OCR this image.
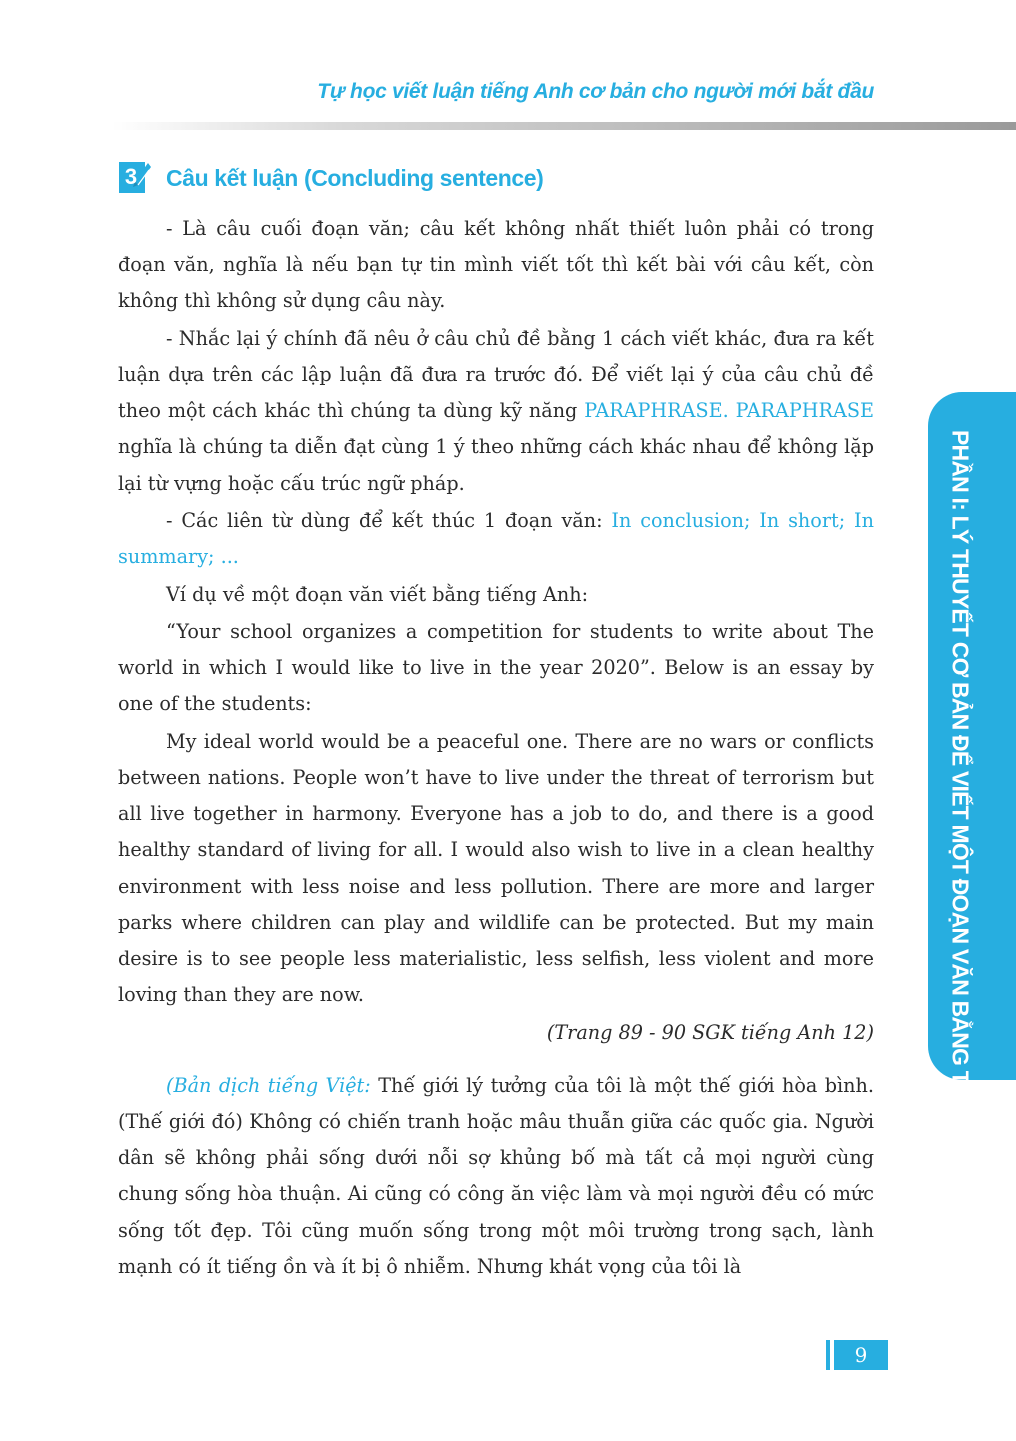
Tự học viết luận tiếng Anh cơ bản cho người mới bắt đầu
3 Câu kết luận (Concluding sentence)

- Là câu cuối đoạn văn; câu kết không nhất thiết luôn phải có trong đoạn văn, nghĩa là nếu bạn tự tin mình viết tốt thì kết bài với câu kết, còn không thì không sử dụng câu này.

- Nhắc lại ý chính đã nêu ở câu chủ đề bằng 1 cách viết khác, đưa ra kết luận dựa trên các lập luận đã đưa ra trước đó. Để viết lại ý của câu chủ đề theo một cách khác thì chúng ta dùng kỹ năng PARAPHRASE. PARAPHRASE nghĩa là chúng ta diễn đạt cùng 1 ý theo những cách khác nhau để không lặp lại từ vựng hoặc cấu trúc ngữ pháp.

- Các liên từ dùng để kết thúc 1 đoạn văn: In conclusion; In short; In summary; ...

Ví dụ về một đoạn văn viết bằng tiếng Anh:

“Your school organizes a competition for students to write about The world in which I would like to live in the year 2020”. Below is an essay by one of the students:

My ideal world would be a peaceful one. There are no wars or conflicts between nations. People won’t have to live under the threat of terrorism but all live together in harmony. Everyone has a job to do, and there is a good healthy standard of living for all. I would also wish to live in a clean healthy environment with less noise and less pollution. There are more and larger parks where children can play and wildlife can be protected. But my main desire is to see people less materialistic, less selfish, less violent and more loving than they are now.

(Trang 89 - 90 SGK tiếng Anh 12)

(Bản dịch tiếng Việt: Thế giới lý tưởng của tôi là một thế giới hòa bình. (Thế giới đó) Không có chiến tranh hoặc mâu thuẫn giữa các quốc gia. Người dân sẽ không phải sống dưới nỗi sợ khủng bố mà tất cả mọi người cùng chung sống hòa thuận. Ai cũng có công ăn việc làm và mọi người đều có mức sống tốt đẹp. Tôi cũng muốn sống trong một môi trường trong sạch, lành mạnh có ít tiếng ồn và ít bị ô nhiễm. Nhưng khát vọng của tôi là

PHẦN I: LÝ THUYẾT CƠ BẢN ĐỂ VIẾT MỘT ĐOẠN VĂN BẰNG TIẾNG ANH
9
